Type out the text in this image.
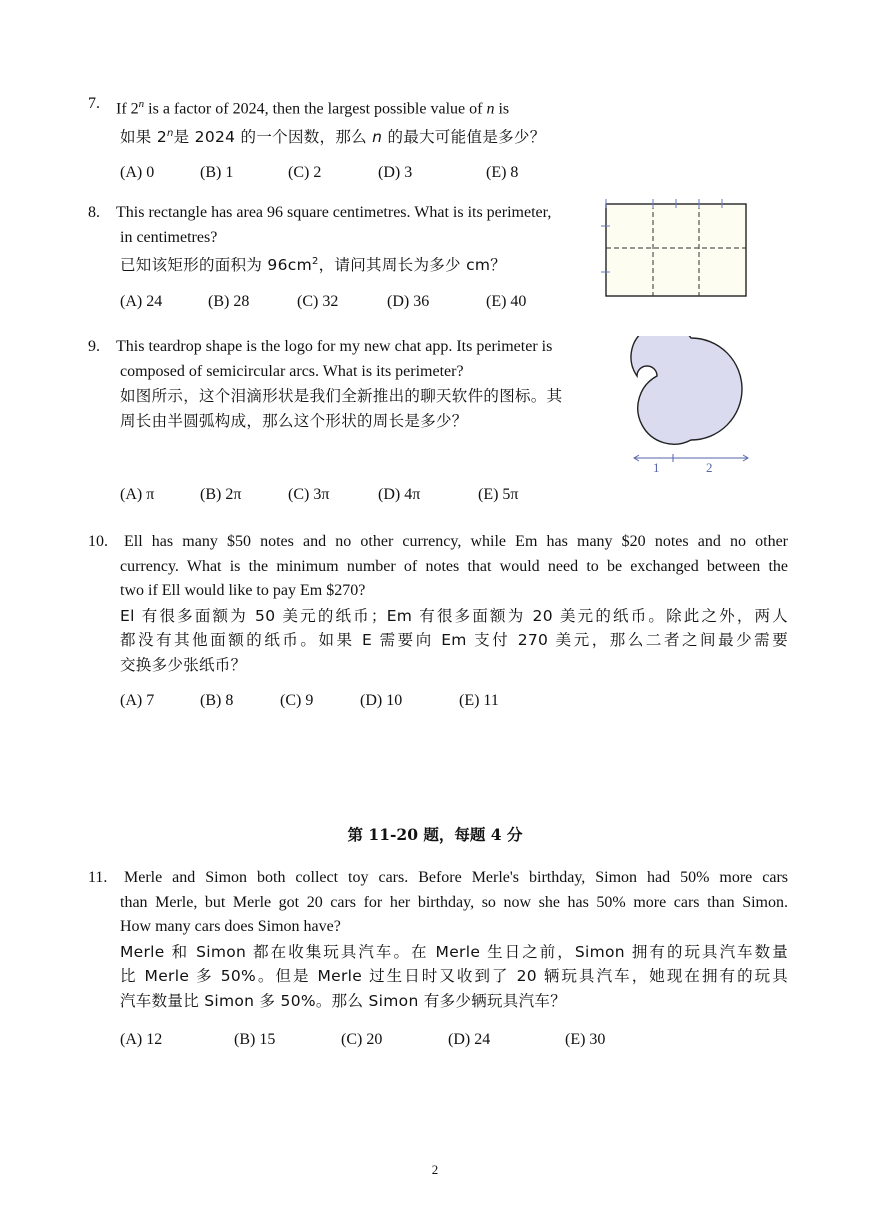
7. If 2$^n$ is a factor of 2024, then the largest possible value of n is
如果 2$^n$是 2024 的一个因数，那么 n 的最大可能值是多少？
(A) 0	(B) 1	(C) 2	(D) 3	(E) 8
8. This rectangle has area 96 square centimetres. What is its perimeter,
in centimetres?
已知该矩形的面积为 $96cm^2$，请问其周长为多少 cm？
(A) 24	(B) 28	(C) 32	(D) 36	(E) 40
9. This teardrop shape is the logo for my new chat app. Its perimeter is
composed of semicircular arcs. What is its perimeter?
如图所示，这个泪滴形状是我们全新推出的聊天软件的图标。其
周长由半圆弧构成，那么这个形状的周长是多少？
(A) π	(B) 2π	(C) 3π	(D) 4π	(E) 5π
1	2
10. Ell has many $50 notes and no other currency, while Em has many $20 notes and no other
currency. What is the minimum number of notes that would need to be exchanged between the
two if Ell would like to pay Em $270?
El 有很多面额为 50 美元的纸币；Em 有很多面额为 20 美元的纸币。除此之外，两人
都没有其他面额的纸币。如果 E 需要向 Em 支付 270 美元，那么二者之间最少需要
交换多少张纸币？
(A) 7	(B) 8	(C) 9	(D) 10	(E) 11
第 11-20 题，每题 4 分
11. Merle and Simon both collect toy cars. Before Merle's birthday, Simon had 50% more cars
than Merle, but Merle got 20 cars for her birthday, so now she has 50% more cars than Simon.
How many cars does Simon have?
Merle 和 Simon 都在收集玩具汽车。在 Merle 生日之前，Simon 拥有的玩具汽车数量
比 Merle 多 50%。但是 Merle 过生日时又收到了 20 辆玩具汽车，她现在拥有的玩具
汽车数量比 Simon 多 50%。那么 Simon 有多少辆玩具汽车？
(A) 12	(B) 15	(C) 20	(D) 24	(E) 30
2
